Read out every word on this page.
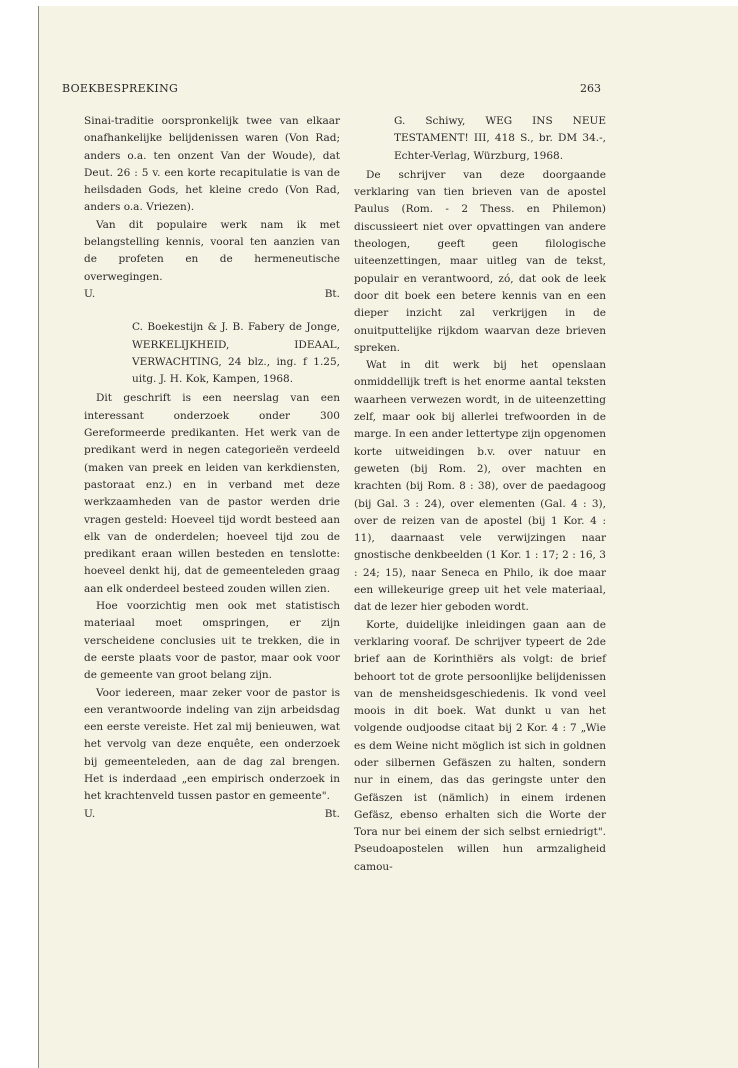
BOEKBESPREKING	263

Sinai-traditie oorspronkelijk twee van elkaar onafhankelijke belijdenissen waren (Von Rad; anders o.a. ten onzent Van der Woude), dat Deut. 26 : 5 v. een korte recapitulatie is van de heilsdaden Gods, het kleine credo (Von Rad, anders o.a. Vriezen).

Van dit populaire werk nam ik met belangstelling kennis, vooral ten aanzien van de profeten en de hermeneutische overwegingen.

U.	Bt.

C. Boekestijn & J. B. Fabery de Jonge, WERKELIJKHEID, IDEAAL, VERWACHTING, 24 blz., ing. f 1.25, uitg. J. H. Kok, Kampen, 1968.

Dit geschrift is een neerslag van een interessant onderzoek onder 300 Gereformeerde predikanten. Het werk van de predikant werd in negen categorieën verdeeld (maken van preek en leiden van kerkdiensten, pastoraat enz.) en in verband met deze werkzaamheden van de pastor werden drie vragen gesteld: Hoeveel tijd wordt besteed aan elk van de onderdelen; hoeveel tijd zou de predikant eraan willen besteden en tenslotte: hoeveel denkt hij, dat de gemeenteleden graag aan elk onderdeel besteed zouden willen zien.

Hoe voorzichtig men ook met statistisch materiaal moet omspringen, er zijn verscheidene conclusies uit te trekken, die in de eerste plaats voor de pastor, maar ook voor de gemeente van groot belang zijn.

Voor iedereen, maar zeker voor de pastor is een verantwoorde indeling van zijn arbeidsdag een eerste vereiste. Het zal mij benieuwen, wat het vervolg van deze enquête, een onderzoek bij gemeenteleden, aan de dag zal brengen. Het is inderdaad „een empirisch onderzoek in het krachtenveld tussen pastor en gemeente".

U.	Bt.

G. Schiwy, WEG INS NEUE TESTAMENT! III, 418 S., br. DM 34.-, Echter-Verlag, Würzburg, 1968.

De schrijver van deze doorgaande verklaring van tien brieven van de apostel Paulus (Rom. - 2 Thess. en Philemon) discussieert niet over opvattingen van andere theologen, geeft geen filologische uiteenzettingen, maar uitleg van de tekst, populair en verantwoord, zó, dat ook de leek door dit boek een betere kennis van en een dieper inzicht zal verkrijgen in de onuitputtelijke rijkdom waarvan deze brieven spreken.

Wat in dit werk bij het openslaan onmiddellijk treft is het enorme aantal teksten waarheen verwezen wordt, in de uiteenzetting zelf, maar ook bij allerlei trefwoorden in de marge. In een ander lettertype zijn opgenomen korte uitweidingen b.v. over natuur en geweten (bij Rom. 2), over machten en krachten (bij Rom. 8 : 38), over de paedagoog (bij Gal. 3 : 24), over elementen (Gal. 4 : 3), over de reizen van de apostel (bij 1 Kor. 4 : 11), daarnaast vele verwijzingen naar gnostische denkbeelden (1 Kor. 1 : 17; 2 : 16, 3 : 24; 15), naar Seneca en Philo, ik doe maar een willekeurige greep uit het vele materiaal, dat de lezer hier geboden wordt.

Korte, duidelijke inleidingen gaan aan de verklaring vooraf. De schrijver typeert de 2de brief aan de Korinthiërs als volgt: de brief behoort tot de grote persoonlijke belijdenissen van de mensheidsgeschiedenis. Ik vond veel moois in dit boek. Wat dunkt u van het volgende oudjoodse citaat bij 2 Kor. 4 : 7 „Wie es dem Weine nicht möglich ist sich in goldnen oder silbernen Gefäszen zu halten, sondern nur in einem, das das geringste unter den Gefäszen ist (nämlich) in einem irdenen Gefäsz, ebenso erhalten sich die Worte der Tora nur bei einem der sich selbst erniedrigt". Pseudoapostelen willen hun armzaligheid camou-
